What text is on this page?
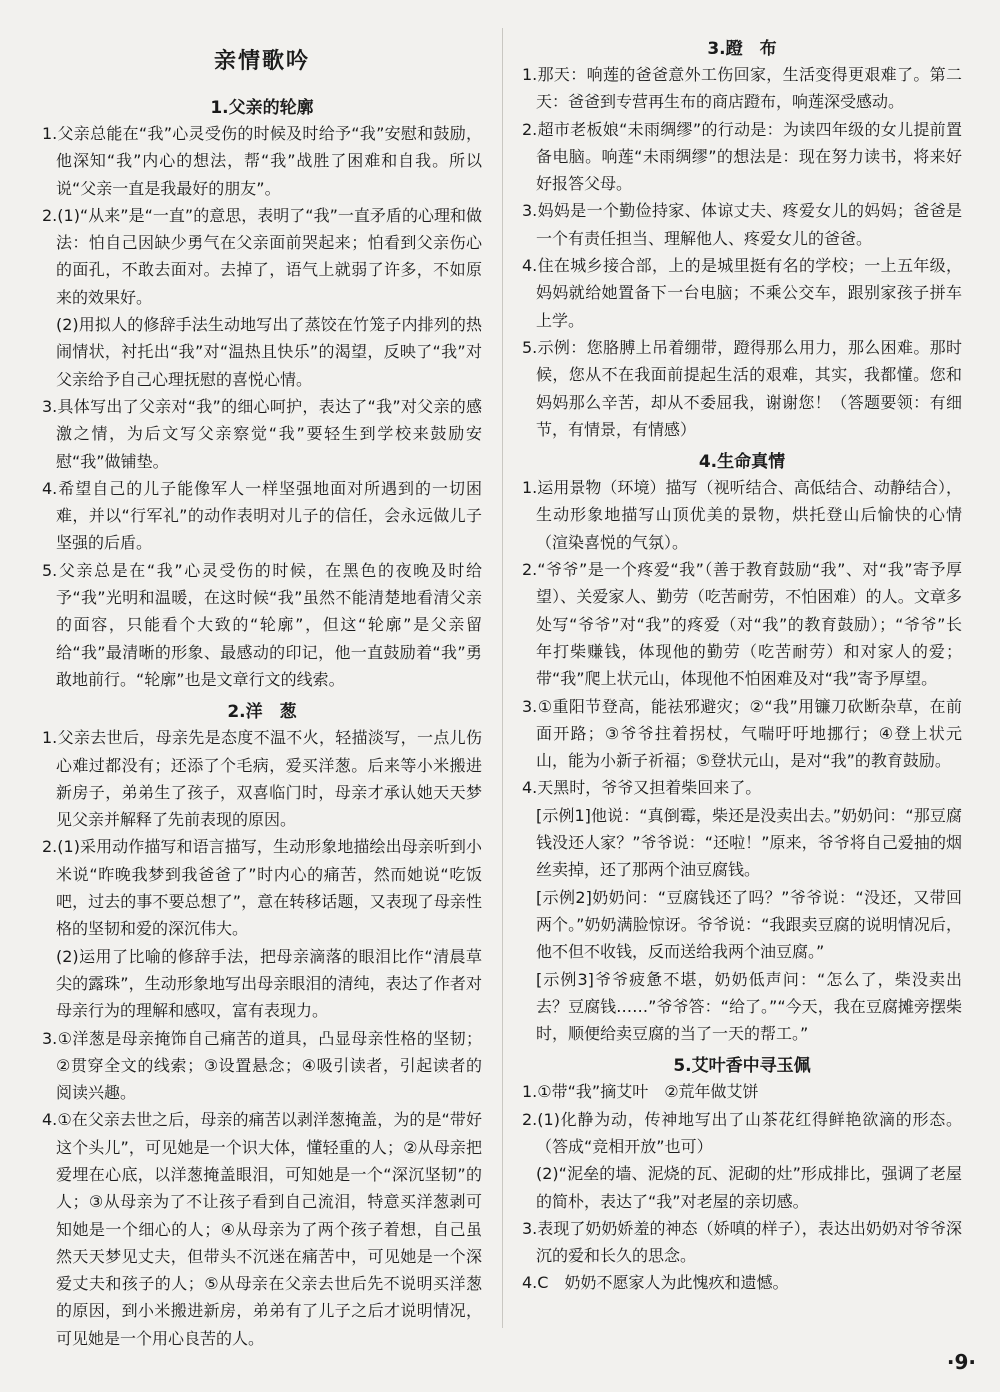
亲情歌吟
1.父亲的轮廓

1.父亲总能在“我”心灵受伤的时候及时给予“我”安慰和鼓励，他深知“我”内心的想法，帮“我”战胜了困难和自我。所以说“父亲一直是我最好的朋友”。

2.(1)“从来”是“一直”的意思，表明了“我”一直矛盾的心理和做法：怕自己因缺少勇气在父亲面前哭起来；怕看到父亲伤心的面孔，不敢去面对。去掉了，语气上就弱了许多，不如原来的效果好。

(2)用拟人的修辞手法生动地写出了蒸饺在竹笼子内排列的热闹情状，衬托出“我”对“温热且快乐”的渴望，反映了“我”对父亲给予自己心理抚慰的喜悦心情。

3.具体写出了父亲对“我”的细心呵护，表达了“我”对父亲的感激之情，为后文写父亲察觉“我”要轻生到学校来鼓励安慰“我”做铺垫。

4.希望自己的儿子能像军人一样坚强地面对所遇到的一切困难，并以“行军礼”的动作表明对儿子的信任，会永远做儿子坚强的后盾。

5.父亲总是在“我”心灵受伤的时候，在黑色的夜晚及时给予“我”光明和温暖，在这时候“我”虽然不能清楚地看清父亲的面容，只能看个大致的“轮廓”，但这“轮廓”是父亲留给“我”最清晰的形象、最感动的印记，他一直鼓励着“我”勇敢地前行。“轮廓”也是文章行文的线索。

2.洋　葱

1.父亲去世后，母亲先是态度不温不火，轻描淡写，一点儿伤心难过都没有；还添了个毛病，爱买洋葱。后来等小米搬进新房子，弟弟生了孩子，双喜临门时，母亲才承认她天天梦见父亲并解释了先前表现的原因。

2.(1)采用动作描写和语言描写，生动形象地描绘出母亲听到小米说“昨晚我梦到我爸爸了”时内心的痛苦，然而她说“吃饭吧，过去的事不要总想了”，意在转移话题，又表现了母亲性格的坚韧和爱的深沉伟大。

(2)运用了比喻的修辞手法，把母亲滴落的眼泪比作“清晨草尖的露珠”，生动形象地写出母亲眼泪的清纯，表达了作者对母亲行为的理解和感叹，富有表现力。

3.①洋葱是母亲掩饰自己痛苦的道具，凸显母亲性格的坚韧；②贯穿全文的线索；③设置悬念；④吸引读者，引起读者的阅读兴趣。

4.①在父亲去世之后，母亲的痛苦以剥洋葱掩盖，为的是“带好这个头儿”，可见她是一个识大体，懂轻重的人；②从母亲把爱埋在心底，以洋葱掩盖眼泪，可知她是一个“深沉坚韧”的人；③从母亲为了不让孩子看到自己流泪，特意买洋葱剥可知她是一个细心的人；④从母亲为了两个孩子着想，自己虽然天天梦见丈夫，但带头不沉迷在痛苦中，可见她是一个深爱丈夫和孩子的人；⑤从母亲在父亲去世后先不说明买洋葱的原因，到小米搬进新房，弟弟有了儿子之后才说明情况，可见她是一个用心良苦的人。

3.蹬　布

1.那天：响莲的爸爸意外工伤回家，生活变得更艰难了。第二天：爸爸到专营再生布的商店蹬布，响莲深受感动。

2.超市老板娘“未雨绸缪”的行动是：为读四年级的女儿提前置备电脑。响莲“未雨绸缪”的想法是：现在努力读书，将来好好报答父母。

3.妈妈是一个勤俭持家、体谅丈夫、疼爱女儿的妈妈；爸爸是一个有责任担当、理解他人、疼爱女儿的爸爸。

4.住在城乡接合部，上的是城里挺有名的学校；一上五年级，妈妈就给她置备下一台电脑；不乘公交车，跟别家孩子拼车上学。

5.示例：您胳膊上吊着绷带，蹬得那么用力，那么困难。那时候，您从不在我面前提起生活的艰难，其实，我都懂。您和妈妈那么辛苦，却从不委屈我，谢谢您！（答题要领：有细节，有情景，有情感）

4.生命真情

1.运用景物（环境）描写（视听结合、高低结合、动静结合），生动形象地描写山顶优美的景物，烘托登山后愉快的心情（渲染喜悦的气氛）。

2.“爷爷”是一个疼爱“我”（善于教育鼓励“我”、对“我”寄予厚望）、关爱家人、勤劳（吃苦耐劳，不怕困难）的人。文章多处写“爷爷”对“我”的疼爱（对“我”的教育鼓励）；“爷爷”长年打柴赚钱，体现他的勤劳（吃苦耐劳）和对家人的爱；带“我”爬上状元山，体现他不怕困难及对“我”寄予厚望。

3.①重阳节登高，能祛邪避灾；②“我”用镰刀砍断杂草，在前面开路；③爷爷拄着拐杖，气喘吁吁地挪行；④登上状元山，能为小新子祈福；⑤登状元山，是对“我”的教育鼓励。

4.天黑时，爷爷又担着柴回来了。

[示例1]他说：“真倒霉，柴还是没卖出去。”奶奶问：“那豆腐钱没还人家？”爷爷说：“还啦！”原来，爷爷将自己爱抽的烟丝卖掉，还了那两个油豆腐钱。

[示例2]奶奶问：“豆腐钱还了吗？”爷爷说：“没还，又带回两个。”奶奶满脸惊讶。爷爷说：“我跟卖豆腐的说明情况后，他不但不收钱，反而送给我两个油豆腐。”

[示例3]爷爷疲惫不堪，奶奶低声问：“怎么了，柴没卖出去？豆腐钱……”爷爷答：“给了。”“今天，我在豆腐摊旁摆柴时，顺便给卖豆腐的当了一天的帮工。”

5.艾叶香中寻玉佩

1.①带“我”摘艾叶　②荒年做艾饼

2.(1)化静为动，传神地写出了山茶花红得鲜艳欲滴的形态。（答成“竞相开放”也可）

(2)“泥垒的墙、泥烧的瓦、泥砌的灶”形成排比，强调了老屋的简朴，表达了“我”对老屋的亲切感。

3.表现了奶奶娇羞的神态（娇嗔的样子），表达出奶奶对爷爷深沉的爱和长久的思念。

4.C　奶奶不愿家人为此愧疚和遗憾。

·9·
